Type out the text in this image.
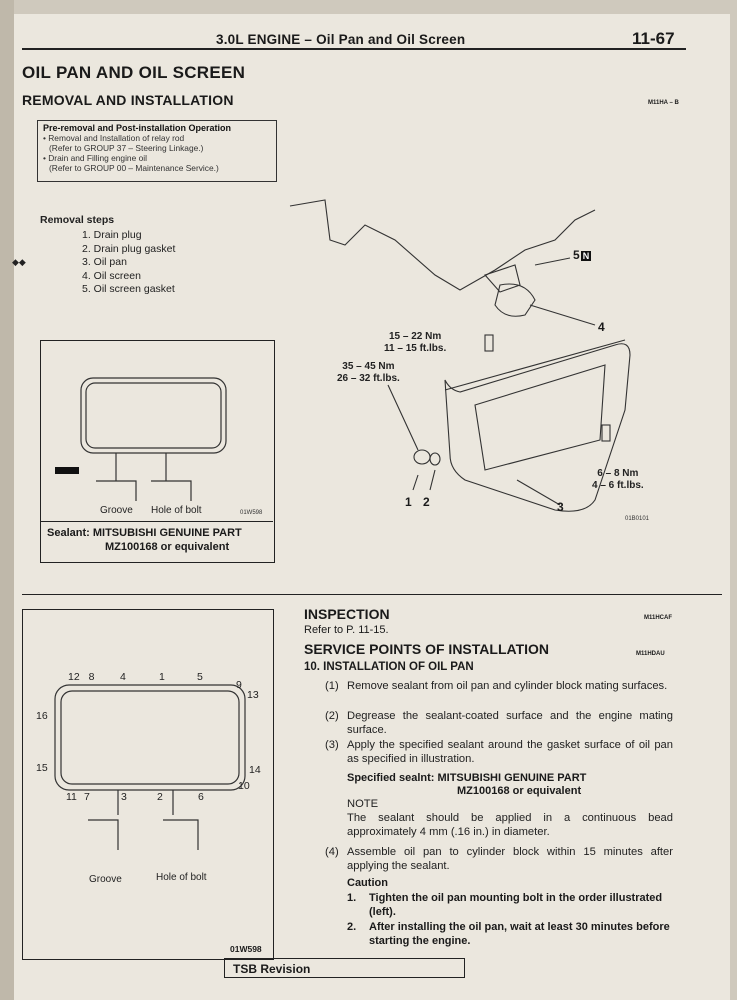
3.0L ENGINE – Oil Pan and Oil Screen	11-67
OIL PAN AND OIL SCREEN
REMOVAL AND INSTALLATION	M11HA – B
Pre-removal and Post-installation Operation
• Removal and Installation of relay rod
(Refer to GROUP 37 – Steering Linkage.)
• Drain and Filling engine oil
(Refer to GROUP 00 – Maintenance Service.)
Removal steps
1. Drain plug
2. Drain plug gasket
◆◆	3. Oil pan
4. Oil screen
5. Oil screen gasket
5 N
4
3
1 2
15 – 22 Nm
11 – 15 ft.lbs.
35 – 45 Nm
26 – 32 ft.lbs.
6 – 8 Nm
4 – 6 ft.lbs.
01B0101
Groove Hole of bolt	01W598
Sealant: MITSUBISHI GENUINE PART
MZ100168 or equivalent
12 8 4	1	5
9
13
16
15	14
10
11 7	3	2	6
Groove	Hole of bolt
01W598
INSPECTION	M11HCAF
Refer to P. 11-15.
SERVICE POINTS OF INSTALLATION	M11HDAU
10. INSTALLATION OF OIL PAN
(1) Remove sealant from oil pan and cylinder block mating surfaces.
(2) Degrease the sealant-coated surface and the engine mating surface.
(3) Apply the specified sealant around the gasket surface of oil pan as specified in illustration.
Specified sealnt: MITSUBISHI GENUINE PART
MZ100168 or equivalent
NOTE
The sealant should be applied in a continuous bead approximately 4 mm (.16 in.) in diameter.
(4) Assemble oil pan to cylinder block within 15 minutes after applying the sealant.
Caution
1. Tighten the oil pan mounting bolt in the order illustrated (left).
2. After installing the oil pan, wait at least 30 minutes before starting the engine.
TSB Revision
